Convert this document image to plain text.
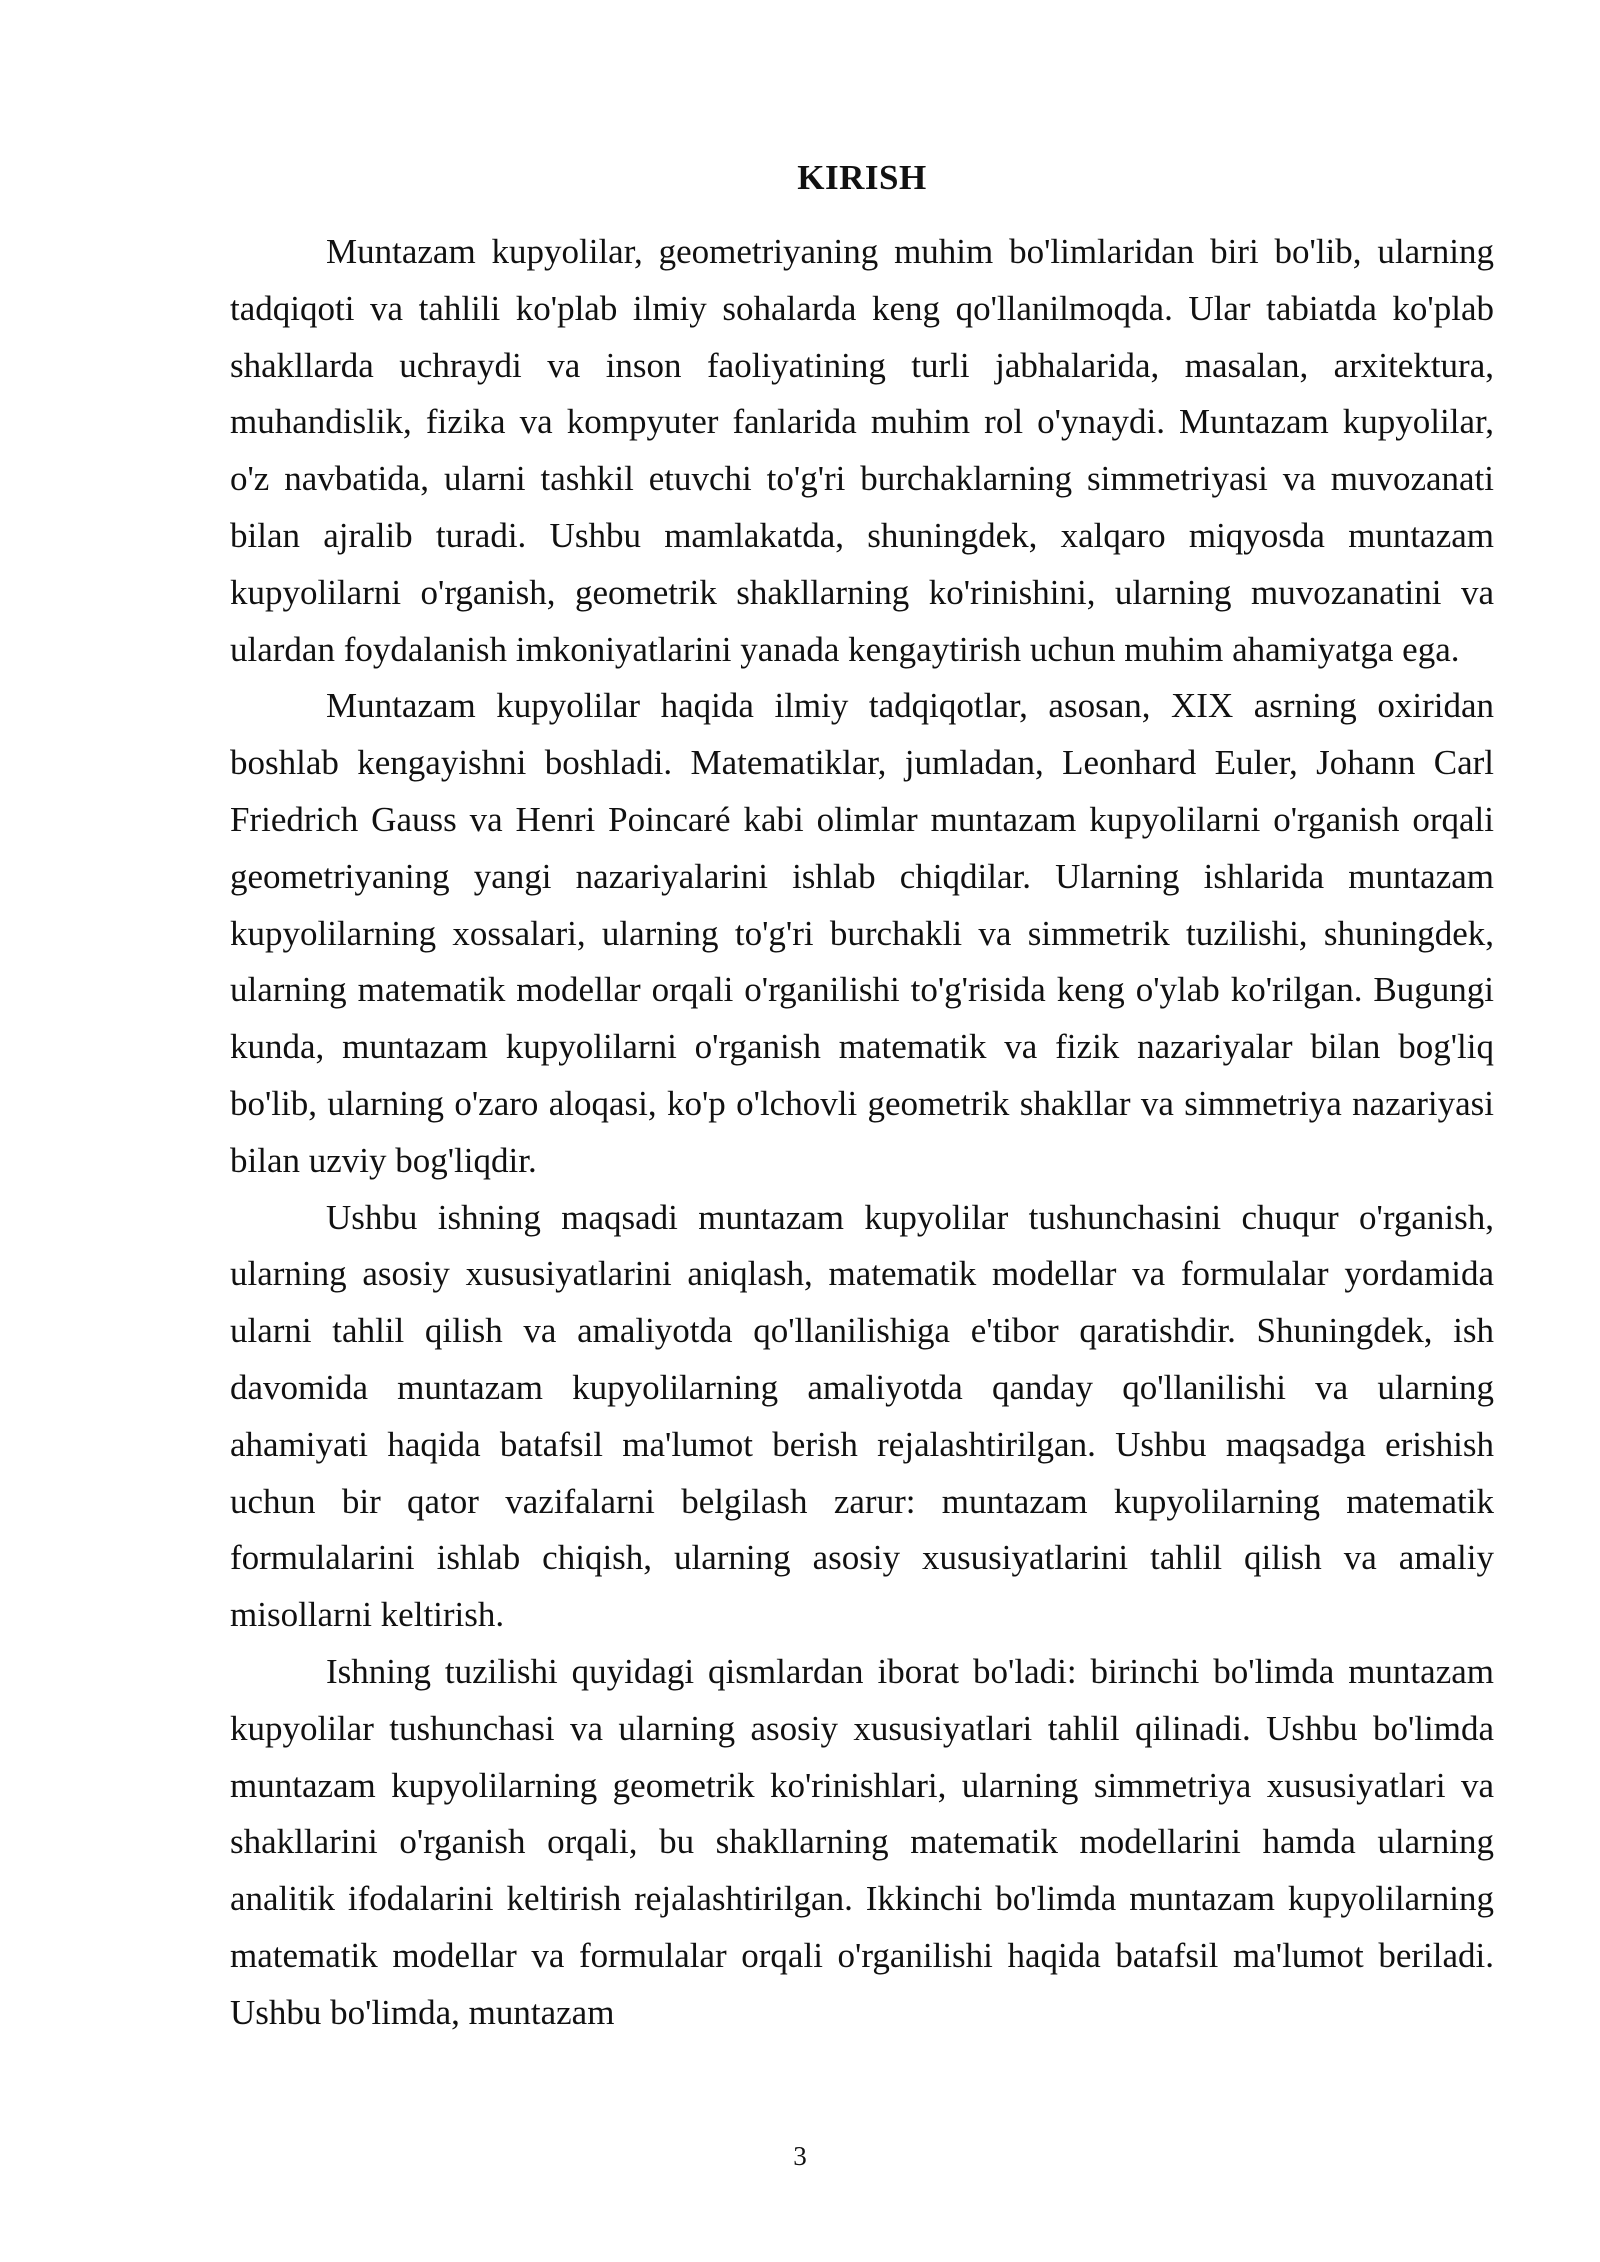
KIRISH

Muntazam kupyolilar, geometriyaning muhim bo'limlaridan biri bo'lib, ularning tadqiqoti va tahlili ko'plab ilmiy sohalarda keng qo'llanilmoqda. Ular tabiatda ko'plab shakllarda uchraydi va inson faoliyatining turli jabhalarida, masalan, arxitektura, muhandislik, fizika va kompyuter fanlarida muhim rol o'ynaydi. Muntazam kupyolilar, o'z navbatida, ularni tashkil etuvchi to'g'ri burchaklarning simmetriyasi va muvozanati bilan ajralib turadi. Ushbu mamlakatda, shuningdek, xalqaro miqyosda muntazam kupyolilarni o'rganish, geometrik shakllarning ko'rinishini, ularning muvozanatini va ulardan foydalanish imkoniyatlarini yanada kengaytirish uchun muhim ahamiyatga ega.

Muntazam kupyolilar haqida ilmiy tadqiqotlar, asosan, XIX asrning oxiridan boshlab kengayishni boshladi. Matematiklar, jumladan, Leonhard Euler, Johann Carl Friedrich Gauss va Henri Poincaré kabi olimlar muntazam kupyolilarni o'rganish orqali geometriyaning yangi nazariyalarini ishlab chiqdilar. Ularning ishlarida muntazam kupyolilarning xossalari, ularning to'g'ri burchakli va simmetrik tuzilishi, shuningdek, ularning matematik modellar orqali o'rganilishi to'g'risida keng o'ylab ko'rilgan. Bugungi kunda, muntazam kupyolilarni o'rganish matematik va fizik nazariyalar bilan bog'liq bo'lib, ularning o'zaro aloqasi, ko'p o'lchovli geometrik shakllar va simmetriya nazariyasi bilan uzviy bog'liqdir.

Ushbu ishning maqsadi muntazam kupyolilar tushunchasini chuqur o'rganish, ularning asosiy xususiyatlarini aniqlash, matematik modellar va formulalar yordamida ularni tahlil qilish va amaliyotda qo'llanilishiga e'tibor qaratishdir. Shuningdek, ish davomida muntazam kupyolilarning amaliyotda qanday qo'llanilishi va ularning ahamiyati haqida batafsil ma'lumot berish rejalashtirilgan. Ushbu maqsadga erishish uchun bir qator vazifalarni belgilash zarur: muntazam kupyolilarning matematik formulalarini ishlab chiqish, ularning asosiy xususiyatlarini tahlil qilish va amaliy misollarni keltirish.

Ishning tuzilishi quyidagi qismlardan iborat bo'ladi: birinchi bo'limda muntazam kupyolilar tushunchasi va ularning asosiy xususiyatlari tahlil qilinadi. Ushbu bo'limda muntazam kupyolilarning geometrik ko'rinishlari, ularning simmetriya xususiyatlari va shakllarini o'rganish orqali, bu shakllarning matematik modellarini hamda ularning analitik ifodalarini keltirish rejalashtirilgan. Ikkinchi bo'limda muntazam kupyolilarning matematik modellar va formulalar orqali o'rganilishi haqida batafsil ma'lumot beriladi. Ushbu bo'limda, muntazam

3
